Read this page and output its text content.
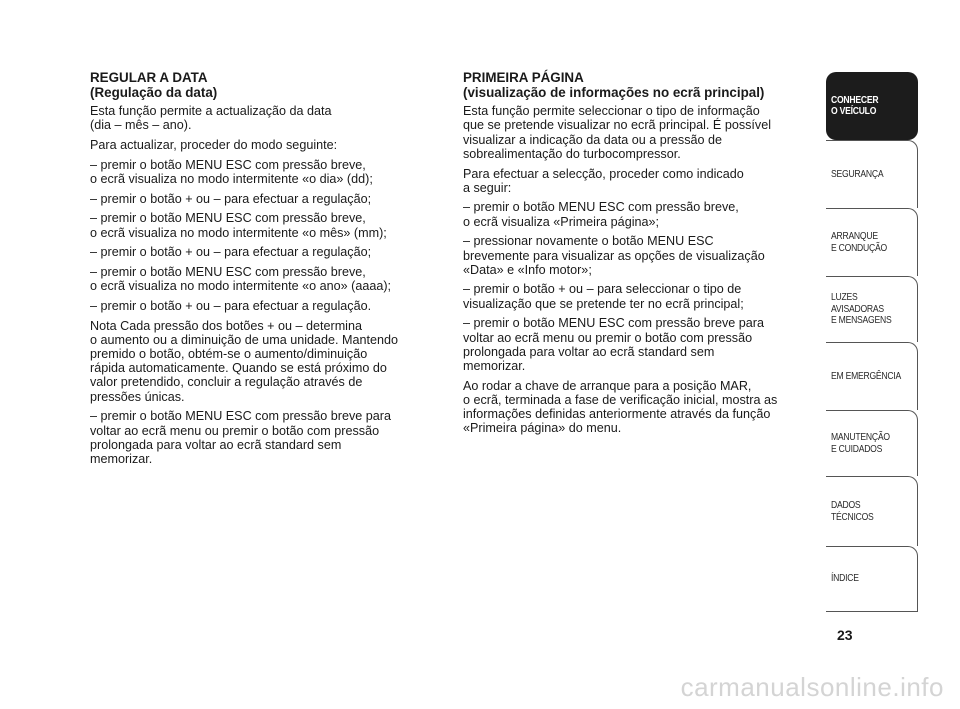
REGULAR A DATA
(Regulação da data)

Esta função permite a actualização da data
(dia – mês – ano).

Para actualizar, proceder do modo seguinte:

– premir o botão MENU ESC com pressão breve,
o ecrã visualiza no modo intermitente «o dia» (dd);

– premir o botão + ou – para efectuar a regulação;

– premir o botão MENU ESC com pressão breve,
o ecrã visualiza no modo intermitente «o mês» (mm);

– premir o botão + ou – para efectuar a regulação;

– premir o botão MENU ESC com pressão breve,
o ecrã visualiza no modo intermitente «o ano» (aaaa);

– premir o botão + ou – para efectuar a regulação.

Nota Cada pressão dos botões + ou – determina
o aumento ou a diminuição de uma unidade. Mantendo
premido o botão, obtém-se o aumento/diminuição
rápida automaticamente. Quando se está próximo do
valor pretendido, concluir a regulação através de
pressões únicas.

– premir o botão MENU ESC com pressão breve para
voltar ao ecrã menu ou premir o botão com pressão
prolongada para voltar ao ecrã standard sem
memorizar.

PRIMEIRA PÁGINA
(visualização de informações no ecrã principal)

Esta função permite seleccionar o tipo de informação
que se pretende visualizar no ecrã principal. É possível
visualizar a indicação da data ou a pressão de
sobrealimentação do turbocompressor.

Para efectuar a selecção, proceder como indicado
a seguir:

– premir o botão MENU ESC com pressão breve,
o ecrã visualiza «Primeira página»;

– pressionar novamente o botão MENU ESC
brevemente para visualizar as opções de visualização
«Data» e «Info motor»;

– premir o botão + ou – para seleccionar o tipo de
visualização que se pretende ter no ecrã principal;

– premir o botão MENU ESC com pressão breve para
voltar ao ecrã menu ou premir o botão com pressão
prolongada para voltar ao ecrã standard sem
memorizar.

Ao rodar a chave de arranque para a posição MAR,
o ecrã, terminada a fase de verificação inicial, mostra as
informações definidas anteriormente através da função
«Primeira página» do menu.

CONHECER
O VEÍCULO
SEGURANÇA
ARRANQUE
E CONDUÇÃO
LUZES
AVISADORAS
E MENSAGENS
EM EMERGÊNCIA
MANUTENÇÃO
E CUIDADOS
DADOS
TÉCNICOS
ÍNDICE
23
carmanualsonline.info
